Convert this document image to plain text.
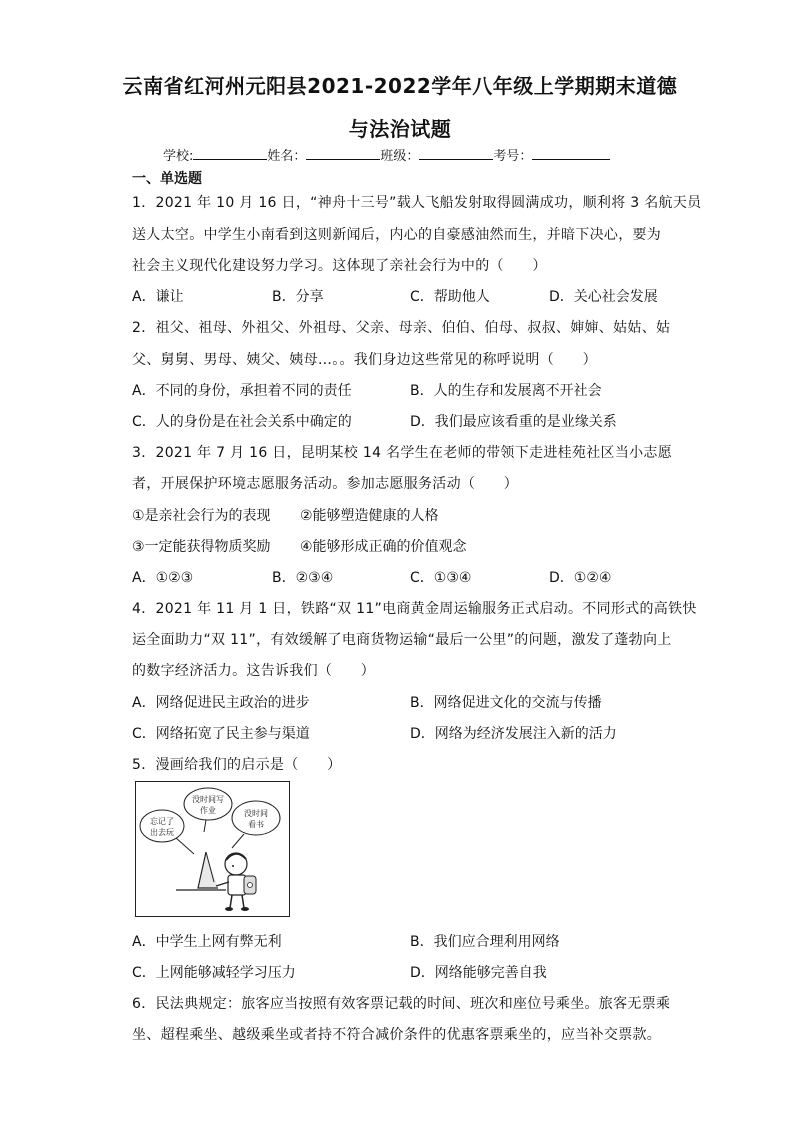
云南省红河州元阳县2021-2022学年八年级上学期期末道德
与法治试题
学校:	姓名：	班级：	考号：
一、单选题
1．2021 年 10 月 16 日，“神舟十三号”载人飞船发射取得圆满成功，顺利将 3 名航天员
送人太空。中学生小南看到这则新闻后，内心的自豪感油然而生，并暗下决心，要为
社会主义现代化建设努力学习。这体现了亲社会行为中的（　　）
A．谦让	B．分享	C．帮助他人	D．关心社会发展
2．祖父、祖母、外祖父、外祖母、父亲、母亲、伯伯、伯母、叔叔、婶婶、姑姑、姑
父、舅舅、男母、姨父、姨母…。。我们身边这些常见的称呼说明（　　）
A．不同的身份，承担着不同的责任	B．人的生存和发展离不开社会
C．人的身份是在社会关系中确定的	D．我们最应该看重的是业缘关系
3．2021 年 7 月 16 日，昆明某校 14 名学生在老师的带领下走进桂苑社区当小志愿
者，开展保护环境志愿服务活动。参加志愿服务活动（　　）
①是亲社会行为的表现 ②能够塑造健康的人格
③一定能获得物质奖励 ④能够形成正确的价值观念
A．①②③	B．②③④	C．①③④	D．①②④
4．2021 年 11 月 1 日，铁路“双 11”电商黄金周运输服务正式启动。不同形式的高铁快
运全面助力“双 11”，有效缓解了电商货物运输“最后一公里”的问题，激发了蓬勃向上
的数字经济活力。这告诉我们（　　）
A．网络促进民主政治的进步	B．网络促进文化的交流与传播
C．网络拓宽了民主参与渠道	D．网络为经济发展注入新的活力
5．漫画给我们的启示是（　　）
没时间写
作业
忘记了
出去玩
没时间
看书
A．中学生上网有弊无利	B．我们应合理利用网络
C．上网能够减轻学习压力	D．网络能够完善自我
6．民法典规定：旅客应当按照有效客票记载的时间、班次和座位号乘坐。旅客无票乘
坐、超程乘坐、越级乘坐或者持不符合减价条件的优惠客票乘坐的，应当补交票款。
